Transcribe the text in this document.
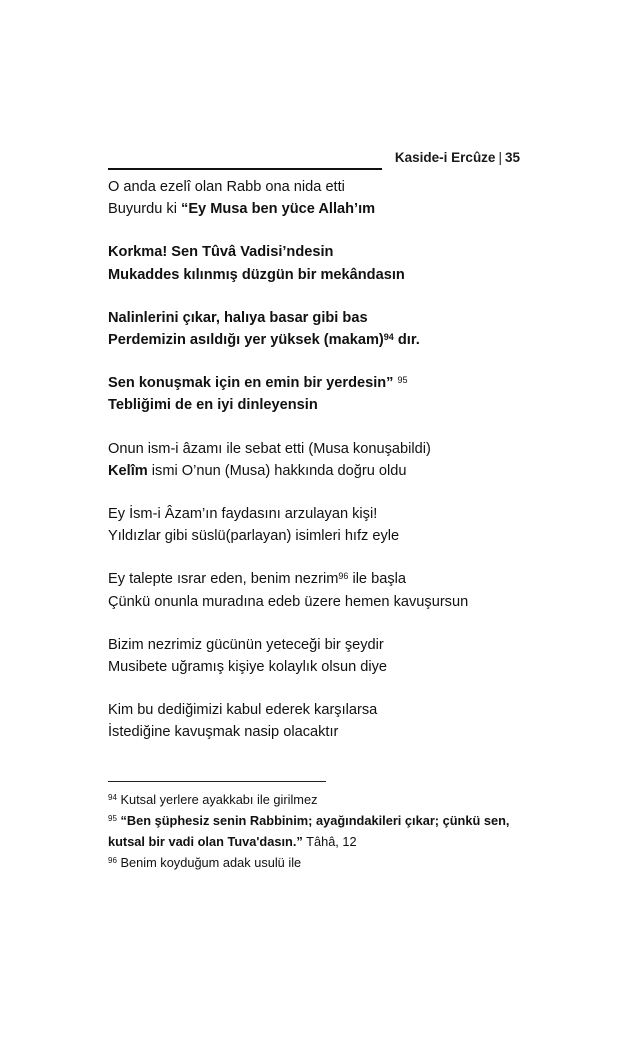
Kaside-i Ercûze | 35
O anda ezelî olan Rabb ona nida etti
Buyurdu ki “Ey Musa ben yüce Allah’ım
Korkma! Sen Tûvâ Vadisi’ndesin
Mukaddes kılınmış düzgün bir mekândasın
Nalinlerini çıkar, halıya basar gibi bas
Perdemizin asıldığı yer yüksek (makam)$^{94}$ dır.
Sen konuşmak için en emin bir yerdesin” $^{95}$
Tebliğimi de en iyi dinleyensin
Onun ism-i âzamı ile sebat etti (Musa konuşabildi)
Kelîm ismi O’nun (Musa) hakkında doğru oldu
Ey İsm-i Âzam’ın faydasını arzulayan kişi!
Yıldızlar gibi süslü(parlayan) isimleri hıfz eyle
Ey talepte ısrar eden, benim nezrim$^{96}$ ile başla
Çünkü onunla muradına edeb üzere hemen kavuşursun
Bizim nezrimiz gücünün yeteceği bir şeydir
Musibete uğramış kişiye kolaylık olsun diye
Kim bu dediğimizi kabul ederek karşılarsa
İstediğine kavuşmak nasip olacaktır
$^{94}$ Kutsal yerlere ayakkabı ile girilmez
$^{95}$ “Ben şüphesiz senin Rabbinim; ayağındakileri çıkar; çünkü sen,
kutsal bir vadi olan Tuva'dasın.” Tâhâ, 12
$^{96}$ Benim koyduğum adak usulü ile
